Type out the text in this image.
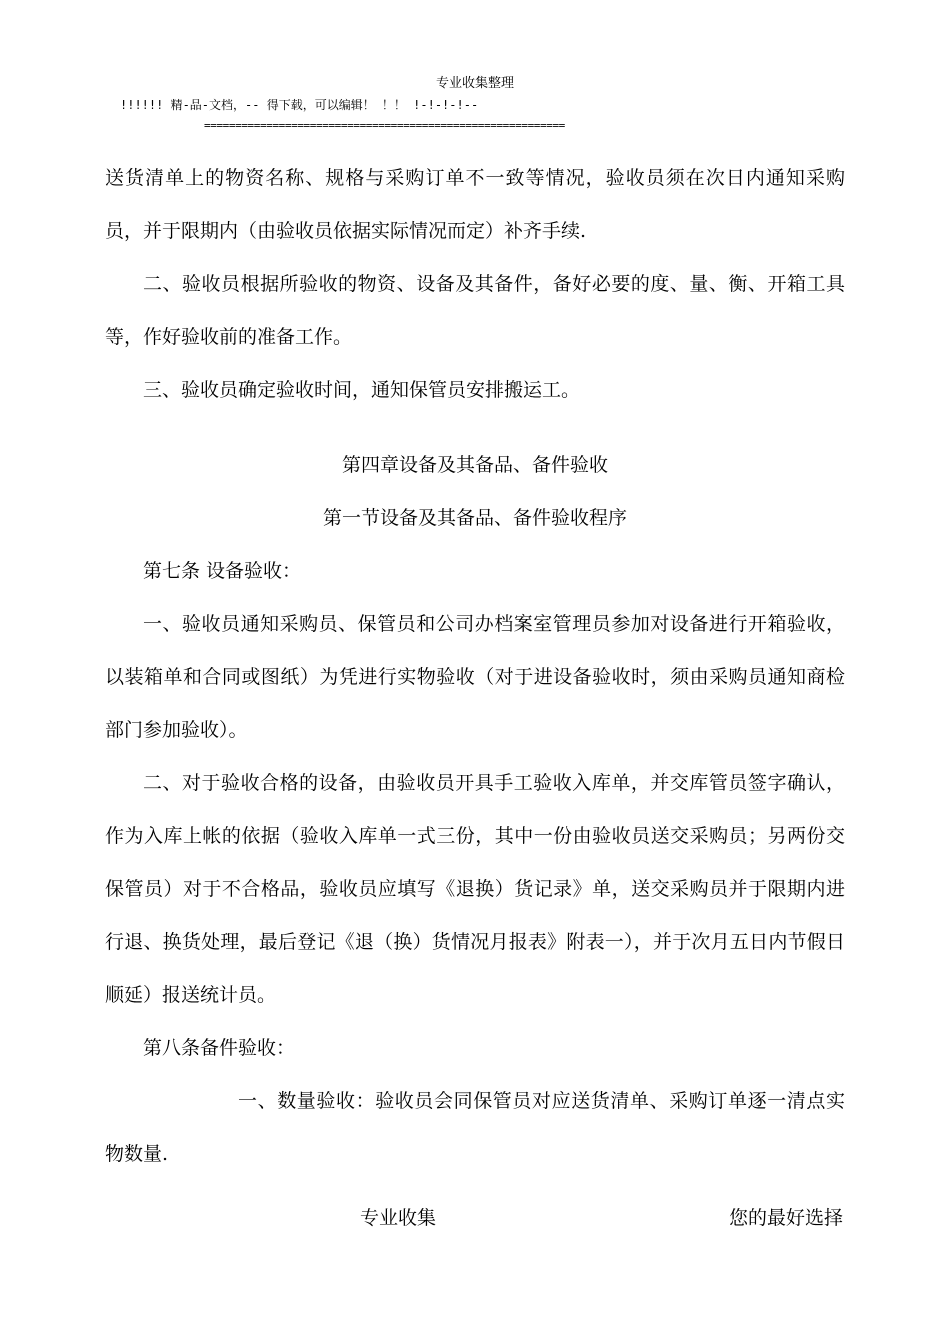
专业收集整理
!!!!!! 精-品-文档，-- 得下载，可以编辑！ ！！ !-!-!-!--
==========================================================

送货清单上的物资名称、规格与采购订单不一致等情况，验收员须在次日内通知采购员，并于限期内（由验收员依据实际情况而定）补齐手续.

二、验收员根据所验收的物资、设备及其备件，备好必要的度、量、衡、开箱工具等，作好验收前的准备工作。

三、验收员确定验收时间，通知保管员安排搬运工。

第四章设备及其备品、备件验收

第一节设备及其备品、备件验收程序

第七条 设备验收：

一、验收员通知采购员、保管员和公司办档案室管理员参加对设备进行开箱验收，以装箱单和合同或图纸）为凭进行实物验收（对于进设备验收时，须由采购员通知商检部门参加验收）。

二、对于验收合格的设备，由验收员开具手工验收入库单，并交库管员签字确认，作为入库上帐的依据（验收入库单一式三份，其中一份由验收员送交采购员；另两份交保管员）对于不合格品，验收员应填写《退换）货记录》单，送交采购员并于限期内进行退、换货处理，最后登记《退（换）货情况月报表》附表一），并于次月五日内节假日顺延）报送统计员。

第八条备件验收：

一、数量验收：验收员会同保管员对应送货清单、采购订单逐一清点实物数量.

专业收集	您的最好选择
